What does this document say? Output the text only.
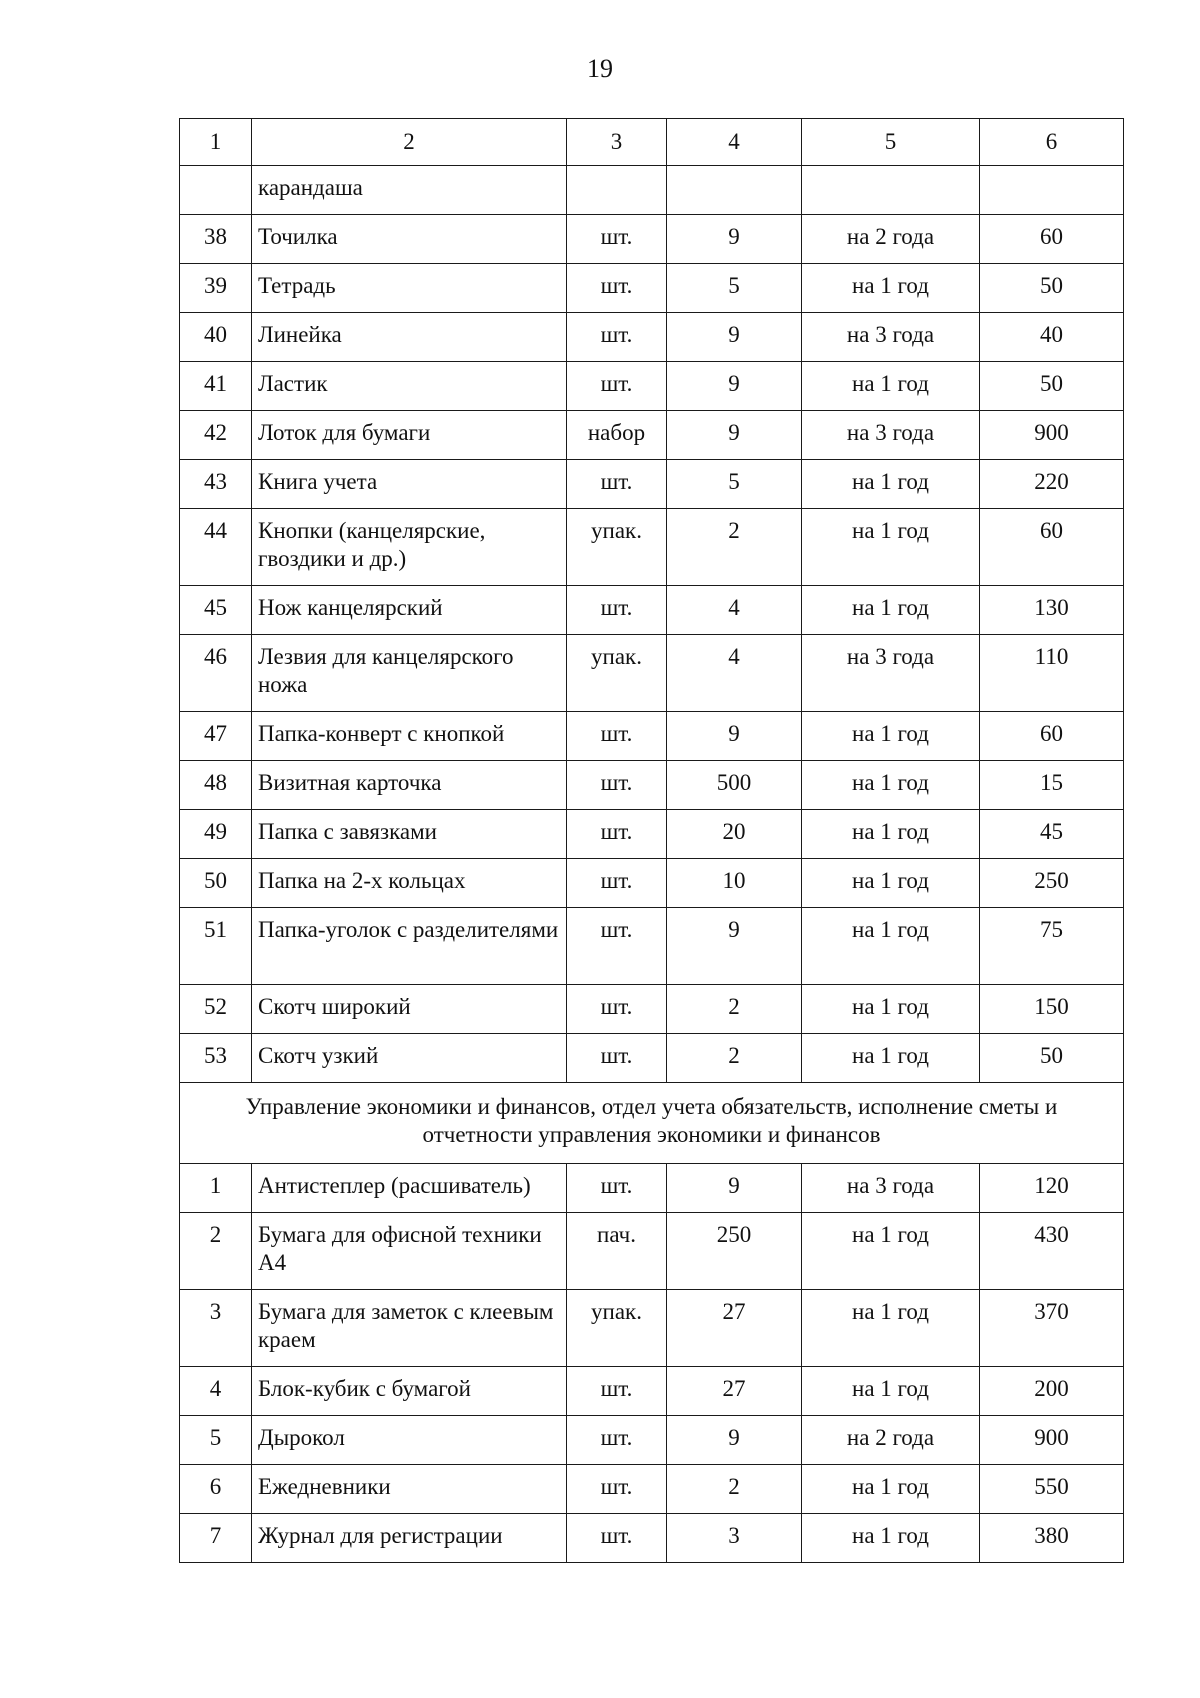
19
1	2	3	4	5	6
	карандаша				
38	Точилка	шт.	9	на 2 года	60
39	Тетрадь	шт.	5	на 1 год	50
40	Линейка	шт.	9	на 3 года	40
41	Ластик	шт.	9	на 1 год	50
42	Лоток для бумаги	набор	9	на 3 года	900
43	Книга учета	шт.	5	на 1 год	220
44	Кнопки (канцелярские, гвоздики и др.)	упак.	2	на 1 год	60
45	Нож канцелярский	шт.	4	на 1 год	130
46	Лезвия для канцелярского ножа	упак.	4	на 3 года	110
47	Папка-конверт с кнопкой	шт.	9	на 1 год	60
48	Визитная карточка	шт.	500	на 1 год	15
49	Папка с завязками	шт.	20	на 1 год	45
50	Папка на 2-х кольцах	шт.	10	на 1 год	250
51	Папка-уголок с разделителями	шт.	9	на 1 год	75
52	Скотч широкий	шт.	2	на 1 год	150
53	Скотч узкий	шт.	2	на 1 год	50
Управление экономики и финансов, отдел учета обязательств, исполнение сметы и отчетности управления экономики и финансов					
1	Антистеплер (расшиватель)	шт.	9	на 3 года	120
2	Бумага для офисной техники А4	пач.	250	на 1 год	430
3	Бумага для заметок с клеевым краем	упак.	27	на 1 год	370
4	Блок-кубик с бумагой	шт.	27	на 1 год	200
5	Дырокол	шт.	9	на 2 года	900
6	Ежедневники	шт.	2	на 1 год	550
7	Журнал для регистрации	шт.	3	на 1 год	380
